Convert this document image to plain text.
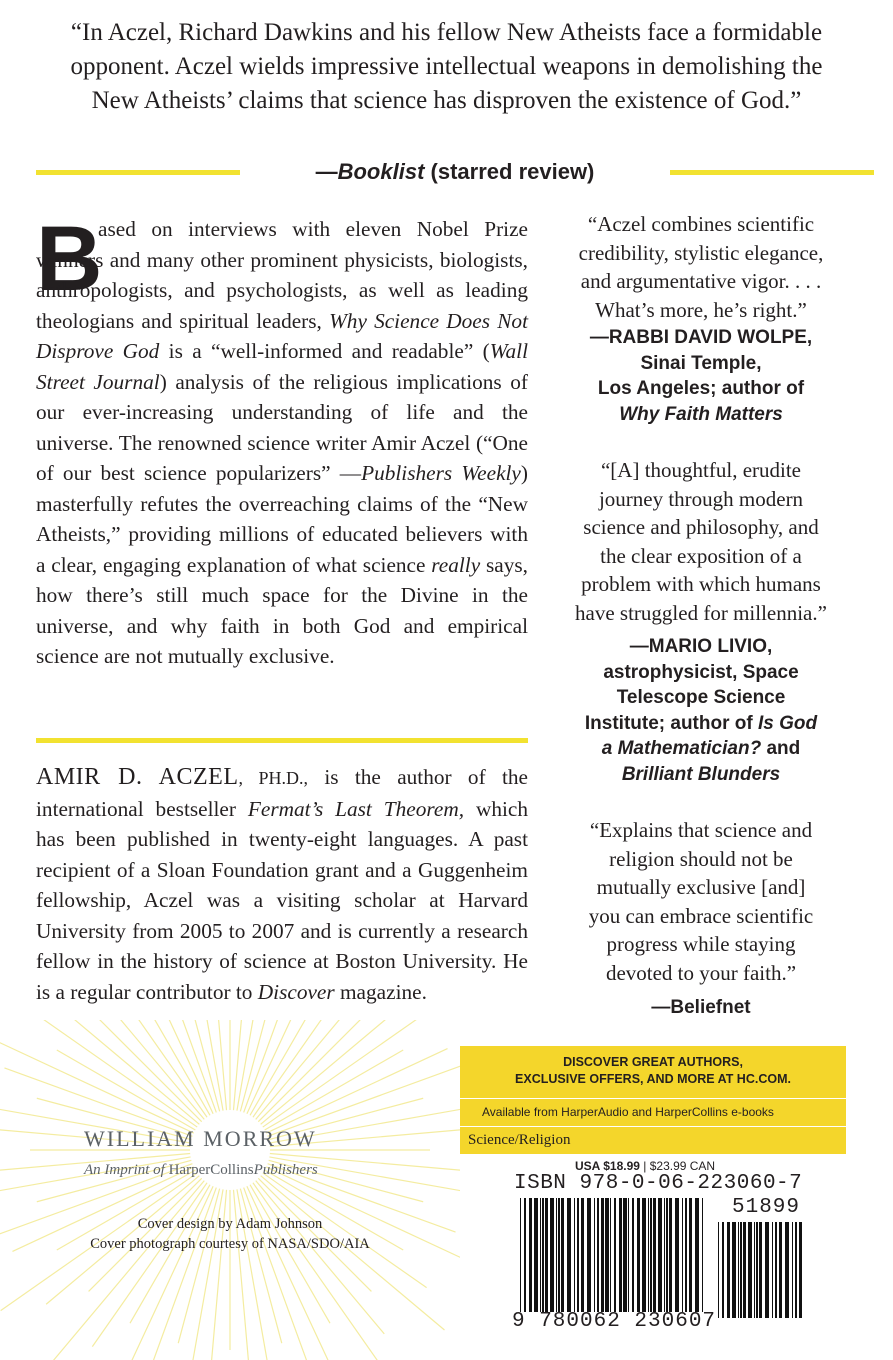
“In Aczel, Richard Dawkins and his fellow New Atheists face a formidable opponent. Aczel wields impressive intellectual weapons in demolishing the New Atheists’ claims that science has disproven the existence of God.”
—Booklist (starred review)
B
ased on interviews with eleven Nobel Prize winners and many other prominent physicists, biologists, anthropologists, and psychologists, as well as leading theologians and spiritual leaders, Why Science Does Not Disprove God is a “well-informed and readable” (Wall Street Journal) analysis of the religious implications of our ever-increasing understanding of life and the universe. The renowned science writer Amir Aczel (“One of our best science popularizers” —Publishers Weekly) masterfully refutes the overreaching claims of the “New Atheists,” providing millions of educated believers with a clear, engaging explanation of what science really says, how there’s still much space for the Divine in the universe, and why faith in both God and empirical science are not mutually exclusive.
AMIR D. ACZEL, PH.D., is the author of the international bestseller Fermat’s Last Theorem, which has been published in twenty-eight languages. A past recipient of a Sloan Foundation grant and a Guggenheim fellowship, Aczel was a visiting scholar at Harvard University from 2005 to 2007 and is currently a research fellow in the history of science at Boston University. He is a regular contributor to Discover magazine.
“Aczel combines scientific
credibility, stylistic elegance,
and argumentative vigor. . . .
What’s more, he’s right.”
—RABBI DAVID WOLPE,
Sinai Temple,
Los Angeles; author of
Why Faith Matters
“[A] thoughtful, erudite
journey through modern
science and philosophy, and
the clear exposition of a
problem with which humans
have struggled for millennia.”
—MARIO LIVIO,
astrophysicist, Space
Telescope Science
Institute; author of Is God
a Mathematician? and
Brilliant Blunders
“Explains that science and
religion should not be
mutually exclusive [and]
you can embrace scientific
progress while staying
devoted to your faith.”
—Beliefnet
WILLIAM MORROW
An Imprint of HarperCollinsPublishers
Cover design by Adam Johnson
Cover photograph courtesy of NASA/SDO/AIA
DISCOVER GREAT AUTHORS,
EXCLUSIVE OFFERS, AND MORE AT HC.COM.
Available from HarperAudio and HarperCollins e-books
Science/Religion
USA $18.99 | $23.99 CAN
ISBN 978-0-06-223060-7
51899
9 780062 230607
